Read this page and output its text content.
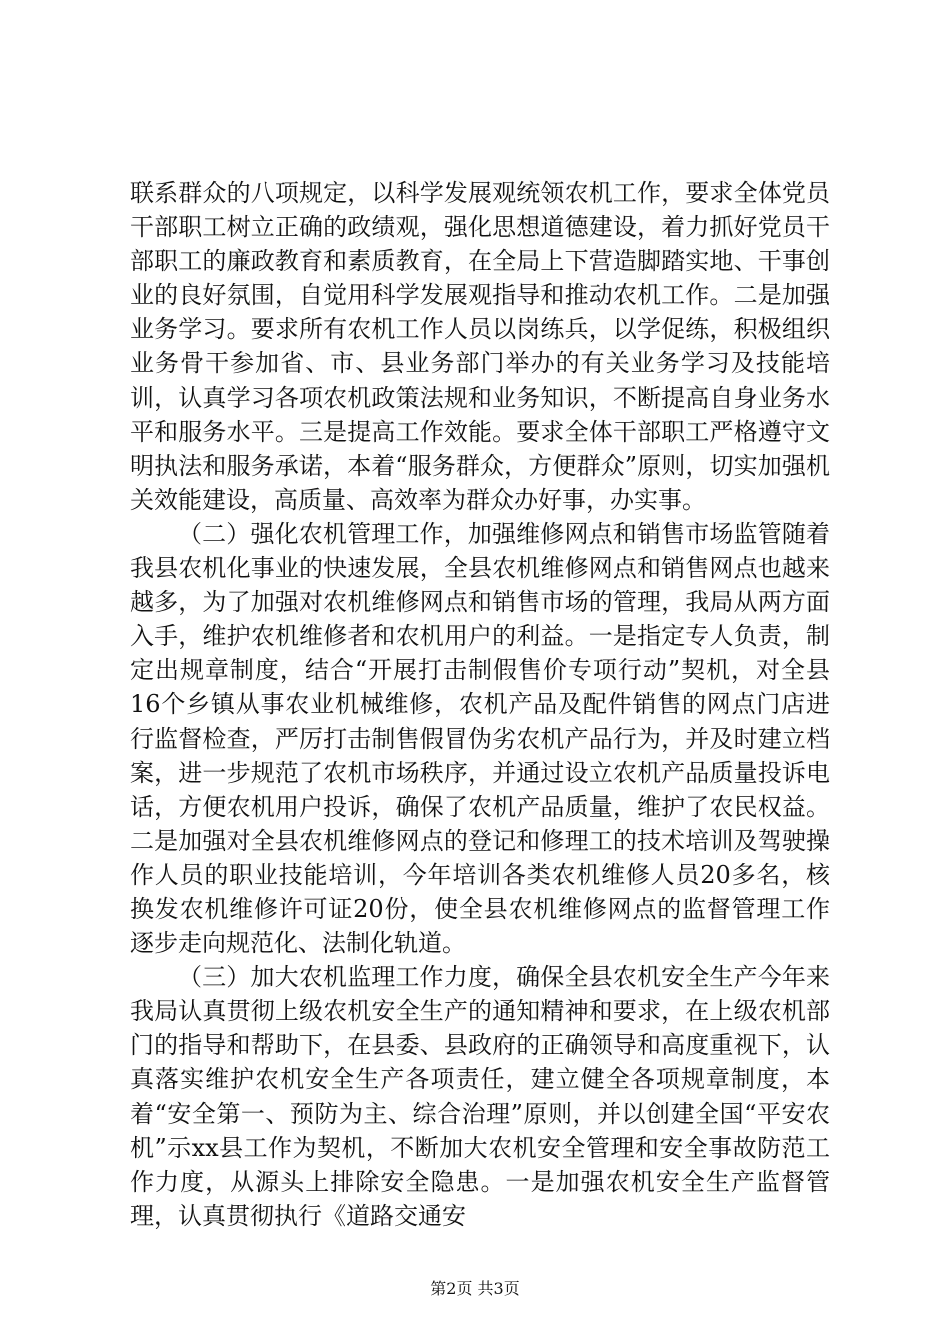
联系群众的八项规定，以科学发展观统领农机工作，要求全体党员干部职工树立正确的政绩观，强化思想道德建设，着力抓好党员干部职工的廉政教育和素质教育，在全局上下营造脚踏实地、干事创业的良好氛围，自觉用科学发展观指导和推动农机工作。二是加强业务学习。要求所有农机工作人员以岗练兵，以学促练，积极组织业务骨干参加省、市、县业务部门举办的有关业务学习及技能培训，认真学习各项农机政策法规和业务知识，不断提高自身业务水平和服务水平。三是提高工作效能。要求全体干部职工严格遵守文明执法和服务承诺，本着“服务群众，方便群众”原则，切实加强机关效能建设，高质量、高效率为群众办好事，办实事。

（二）强化农机管理工作，加强维修网点和销售市场监管随着我县农机化事业的快速发展，全县农机维修网点和销售网点也越来越多，为了加强对农机维修网点和销售市场的管理，我局从两方面入手，维护农机维修者和农机用户的利益。一是指定专人负责，制定出规章制度，结合“开展打击制假售价专项行动”契机，对全县16个乡镇从事农业机械维修，农机产品及配件销售的网点门店进行监督检查，严厉打击制售假冒伪劣农机产品行为，并及时建立档案，进一步规范了农机市场秩序，并通过设立农机产品质量投诉电话，方便农机用户投诉，确保了农机产品质量，维护了农民权益。二是加强对全县农机维修网点的登记和修理工的技术培训及驾驶操作人员的职业技能培训，今年培训各类农机维修人员20多名，核换发农机维修许可证20份，使全县农机维修网点的监督管理工作逐步走向规范化、法制化轨道。

（三）加大农机监理工作力度，确保全县农机安全生产今年来我局认真贯彻上级农机安全生产的通知精神和要求，在上级农机部门的指导和帮助下，在县委、县政府的正确领导和高度重视下，认真落实维护农机安全生产各项责任，建立健全各项规章制度，本着“安全第一、预防为主、综合治理”原则，并以创建全国“平安农机”示xx县工作为契机，不断加大农机安全管理和安全事故防范工作力度，从源头上排除安全隐患。一是加强农机安全生产监督管理，认真贯彻执行《道路交通安

第2页 共3页
